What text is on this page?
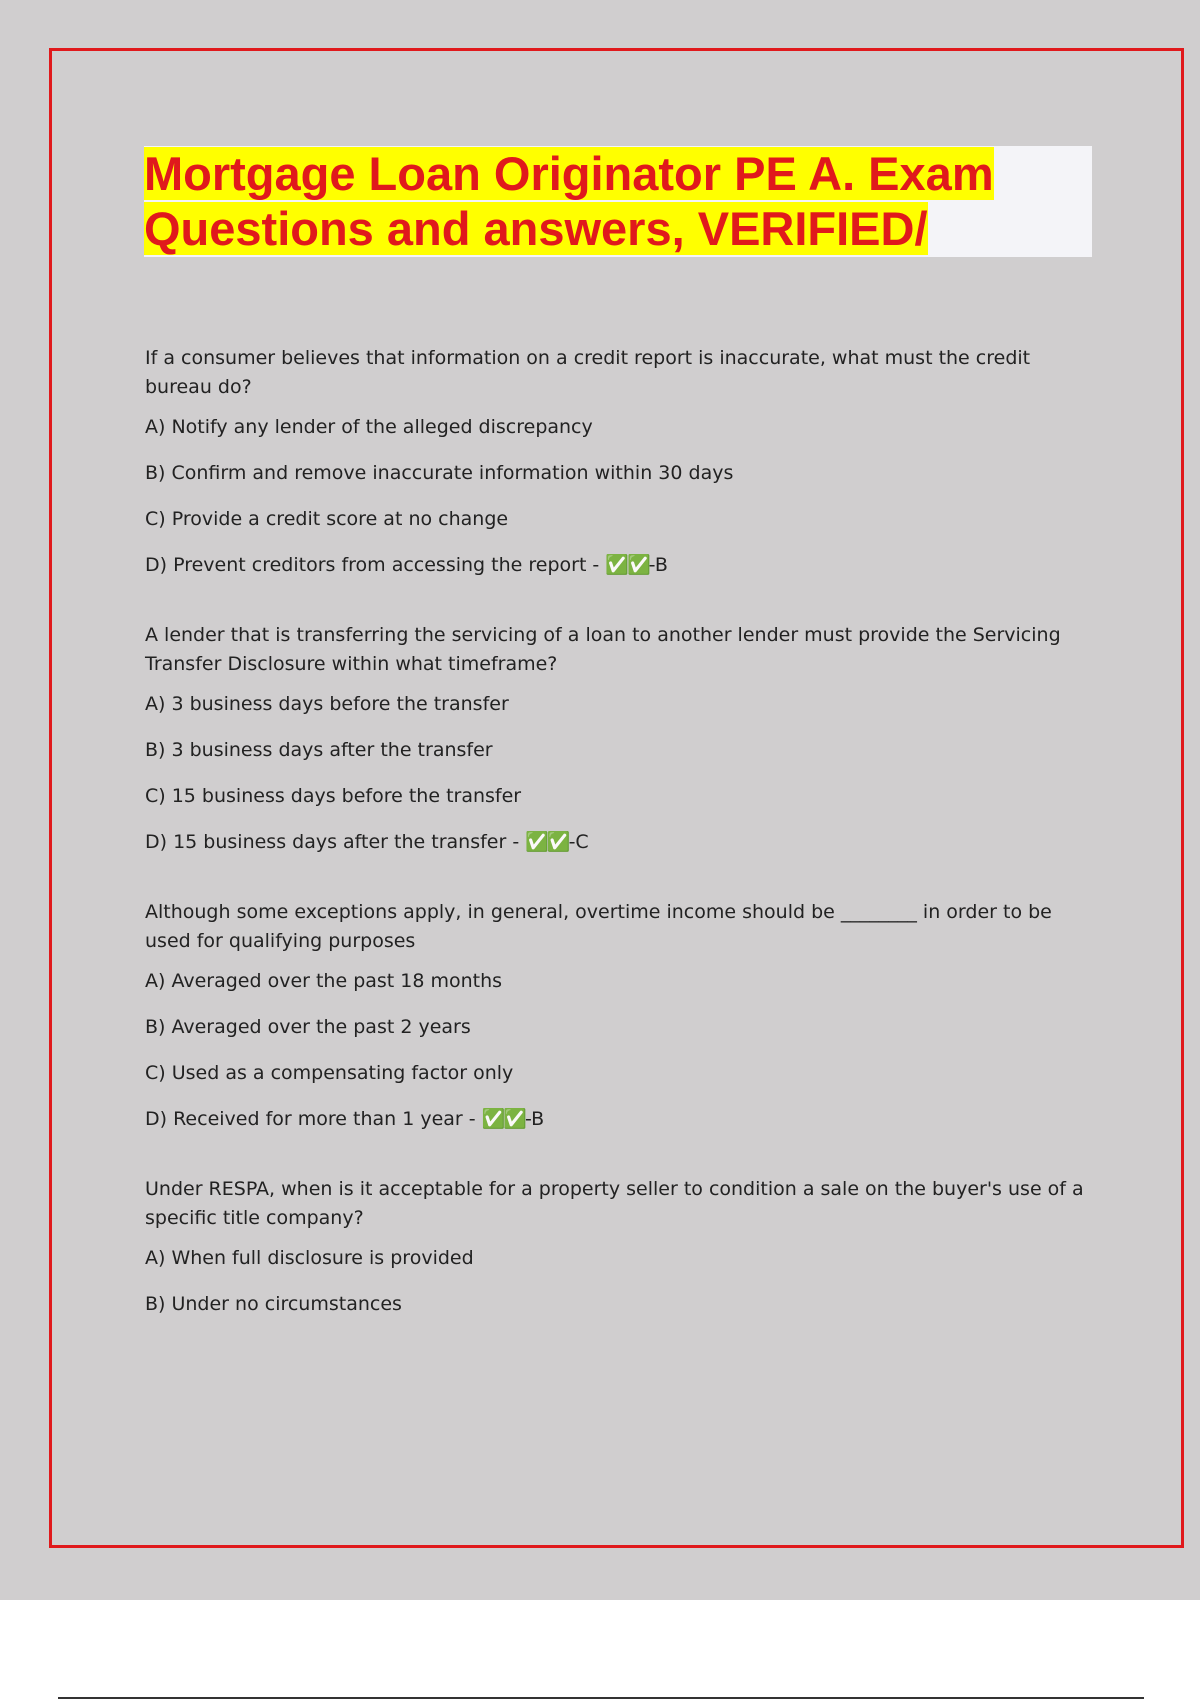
Mortgage Loan Originator PE A. Exam
Questions and answers, VERIFIED/

If a consumer believes that information on a credit report is inaccurate, what must the credit bureau do?

A) Notify any lender of the alleged discrepancy

B) Confirm and remove inaccurate information within 30 days

C) Provide a credit score at no change

D) Prevent creditors from accessing the report - ✅✅-B

A lender that is transferring the servicing of a loan to another lender must provide the Servicing Transfer Disclosure within what timeframe?

A) 3 business days before the transfer

B) 3 business days after the transfer

C) 15 business days before the transfer

D) 15 business days after the transfer - ✅✅-C

Although some exceptions apply, in general, overtime income should be ________ in order to be used for qualifying purposes

A) Averaged over the past 18 months

B) Averaged over the past 2 years

C) Used as a compensating factor only

D) Received for more than 1 year - ✅✅-B

Under RESPA, when is it acceptable for a property seller to condition a sale on the buyer's use of a specific title company?

A) When full disclosure is provided

B) Under no circumstances
